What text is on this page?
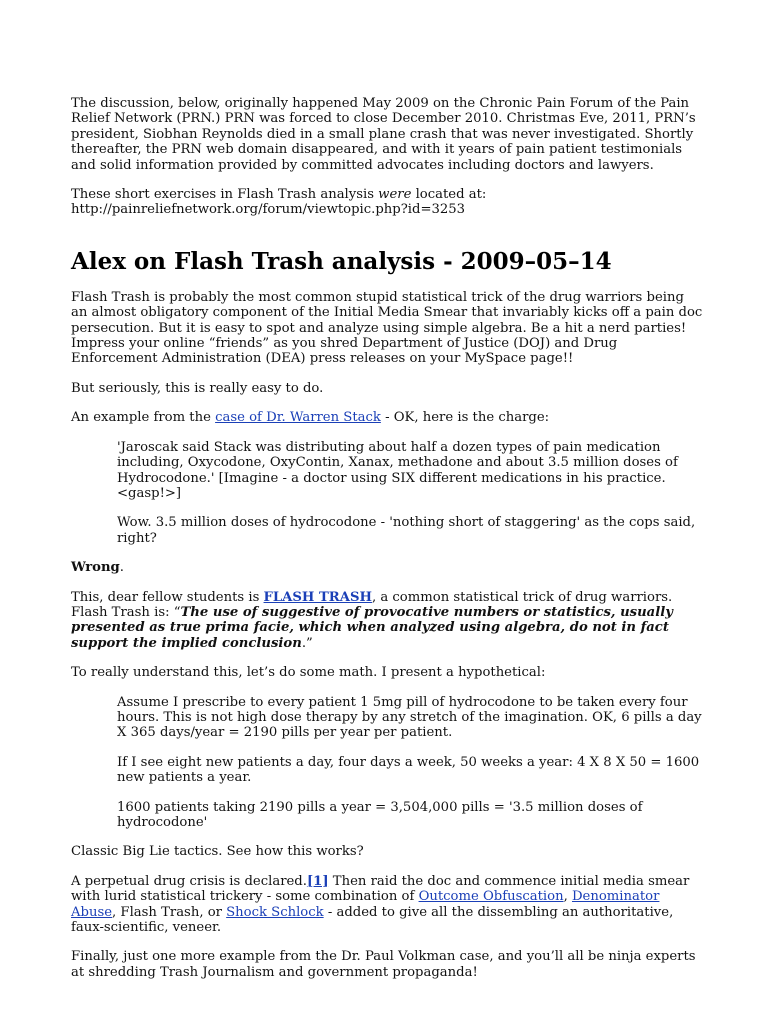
The discussion, below, originally happened May 2009 on the Chronic Pain Forum of the Pain Relief Network (PRN.) PRN was forced to close December 2010. Christmas Eve, 2011, PRN’s president, Siobhan Reynolds died in a small plane crash that was never investigated. Shortly thereafter, the PRN web domain disappeared, and with it years of pain patient testimonials and solid information provided by committed advocates including doctors and lawyers.

These short exercises in Flash Trash analysis were located at:
http://painreliefnetwork.org/forum/viewtopic.php?id=3253

Alex on Flash Trash analysis - 2009–05–14

Flash Trash is probably the most common stupid statistical trick of the drug warriors being an almost obligatory component of the Initial Media Smear that invariably kicks off a pain doc persecution. But it is easy to spot and analyze using simple algebra. Be a hit a nerd parties! Impress your online “friends” as you shred Department of Justice (DOJ) and Drug Enforcement Administration (DEA) press releases on your MySpace page!!

But seriously, this is really easy to do.

An example from the case of Dr. Warren Stack - OK, here is the charge:

'Jaroscak said Stack was distributing about half a dozen types of pain medication including, Oxycodone, OxyContin, Xanax, methadone and about 3.5 million doses of Hydrocodone.' [Imagine - a doctor using SIX different medications in his practice. <gasp!>]

Wow. 3.5 million doses of hydrocodone - 'nothing short of staggering' as the cops said, right?

Wrong.

This, dear fellow students is FLASH TRASH, a common statistical trick of drug warriors. Flash Trash is: “The use of suggestive of provocative numbers or statistics, usually presented as true prima facie, which when analyzed using algebra, do not in fact support the implied conclusion.”

To really understand this, let’s do some math. I present a hypothetical:

Assume I prescribe to every patient 1 5mg pill of hydrocodone to be taken every four hours. This is not high dose therapy by any stretch of the imagination. OK, 6 pills a day X 365 days/year = 2190 pills per year per patient.

If I see eight new patients a day, four days a week, 50 weeks a year: 4 X 8 X 50 = 1600 new patients a year.

1600 patients taking 2190 pills a year = 3,504,000 pills = '3.5 million doses of hydrocodone'

Classic Big Lie tactics. See how this works?

A perpetual drug crisis is declared.[1] Then raid the doc and commence initial media smear with lurid statistical trickery - some combination of Outcome Obfuscation, Denominator Abuse, Flash Trash, or Shock Schlock - added to give all the dissembling an authoritative, faux-scientific, veneer.

Finally, just one more example from the Dr. Paul Volkman case, and you’ll all be ninja experts at shredding Trash Journalism and government propaganda!
